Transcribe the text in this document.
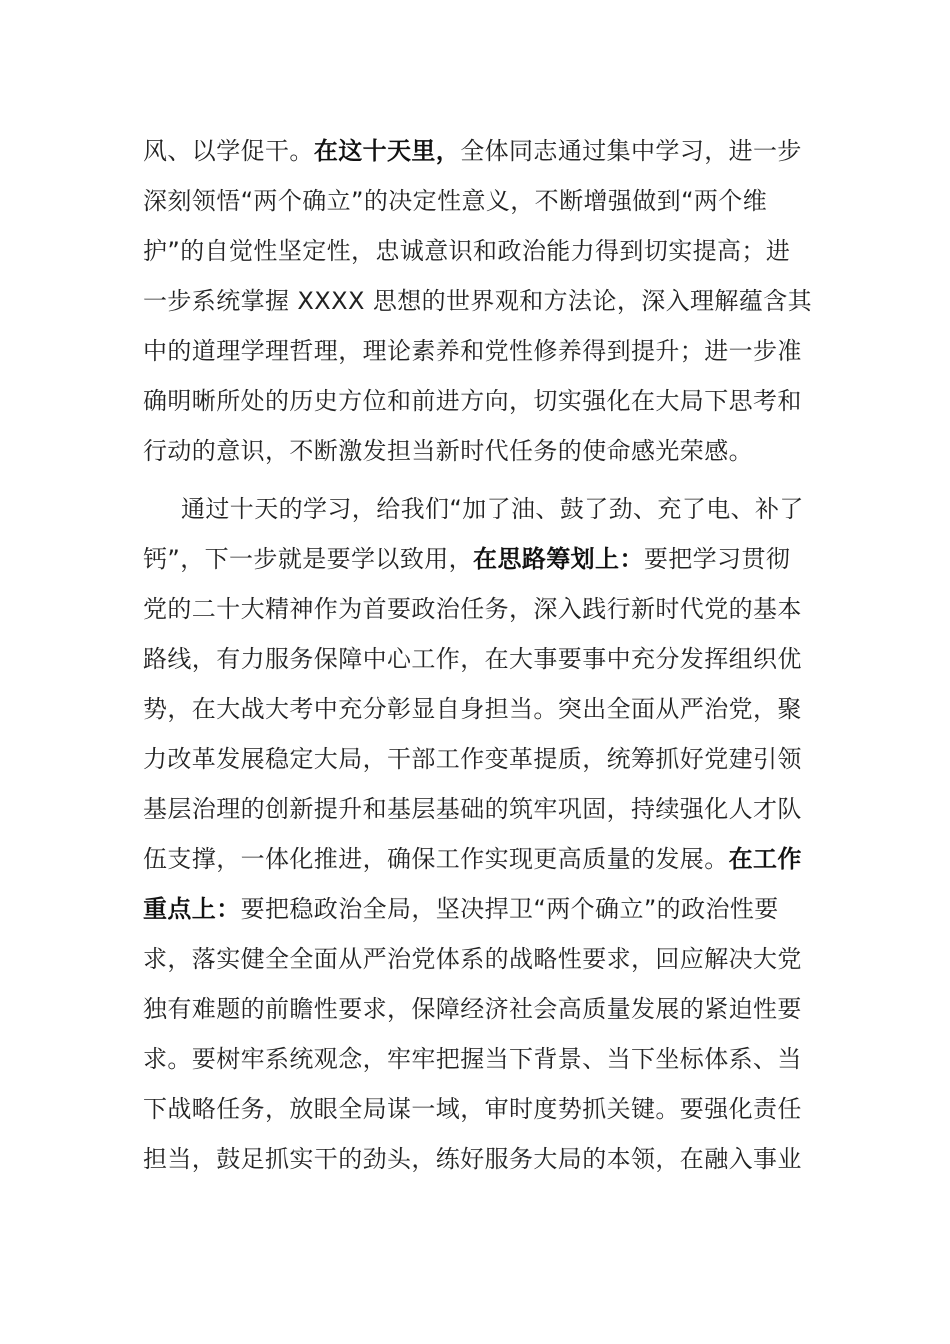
风、以学促干。在这十天里，全体同志通过集中学习，进一步
深刻领悟“两个确立”的决定性意义，不断增强做到“两个维
护”的自觉性坚定性，忠诚意识和政治能力得到切实提高；进
一步系统掌握 XXXX 思想的世界观和方法论，深入理解蕴含其
中的道理学理哲理，理论素养和党性修养得到提升；进一步准
确明晰所处的历史方位和前进方向，切实强化在大局下思考和
行动的意识，不断激发担当新时代任务的使命感光荣感。
通过十天的学习，给我们“加了油、鼓了劲、充了电、补了
钙”，下一步就是要学以致用，在思路筹划上：要把学习贯彻
党的二十大精神作为首要政治任务，深入践行新时代党的基本
路线，有力服务保障中心工作，在大事要事中充分发挥组织优
势，在大战大考中充分彰显自身担当。突出全面从严治党，聚
力改革发展稳定大局，干部工作变革提质，统筹抓好党建引领
基层治理的创新提升和基层基础的筑牢巩固，持续强化人才队
伍支撑，一体化推进，确保工作实现更高质量的发展。在工作
重点上：要把稳政治全局，坚决捍卫“两个确立”的政治性要
求，落实健全全面从严治党体系的战略性要求，回应解决大党
独有难题的前瞻性要求，保障经济社会高质量发展的紧迫性要
求。要树牢系统观念，牢牢把握当下背景、当下坐标体系、当
下战略任务，放眼全局谋一域，审时度势抓关键。要强化责任
担当，鼓足抓实干的劲头，练好服务大局的本领，在融入事业
